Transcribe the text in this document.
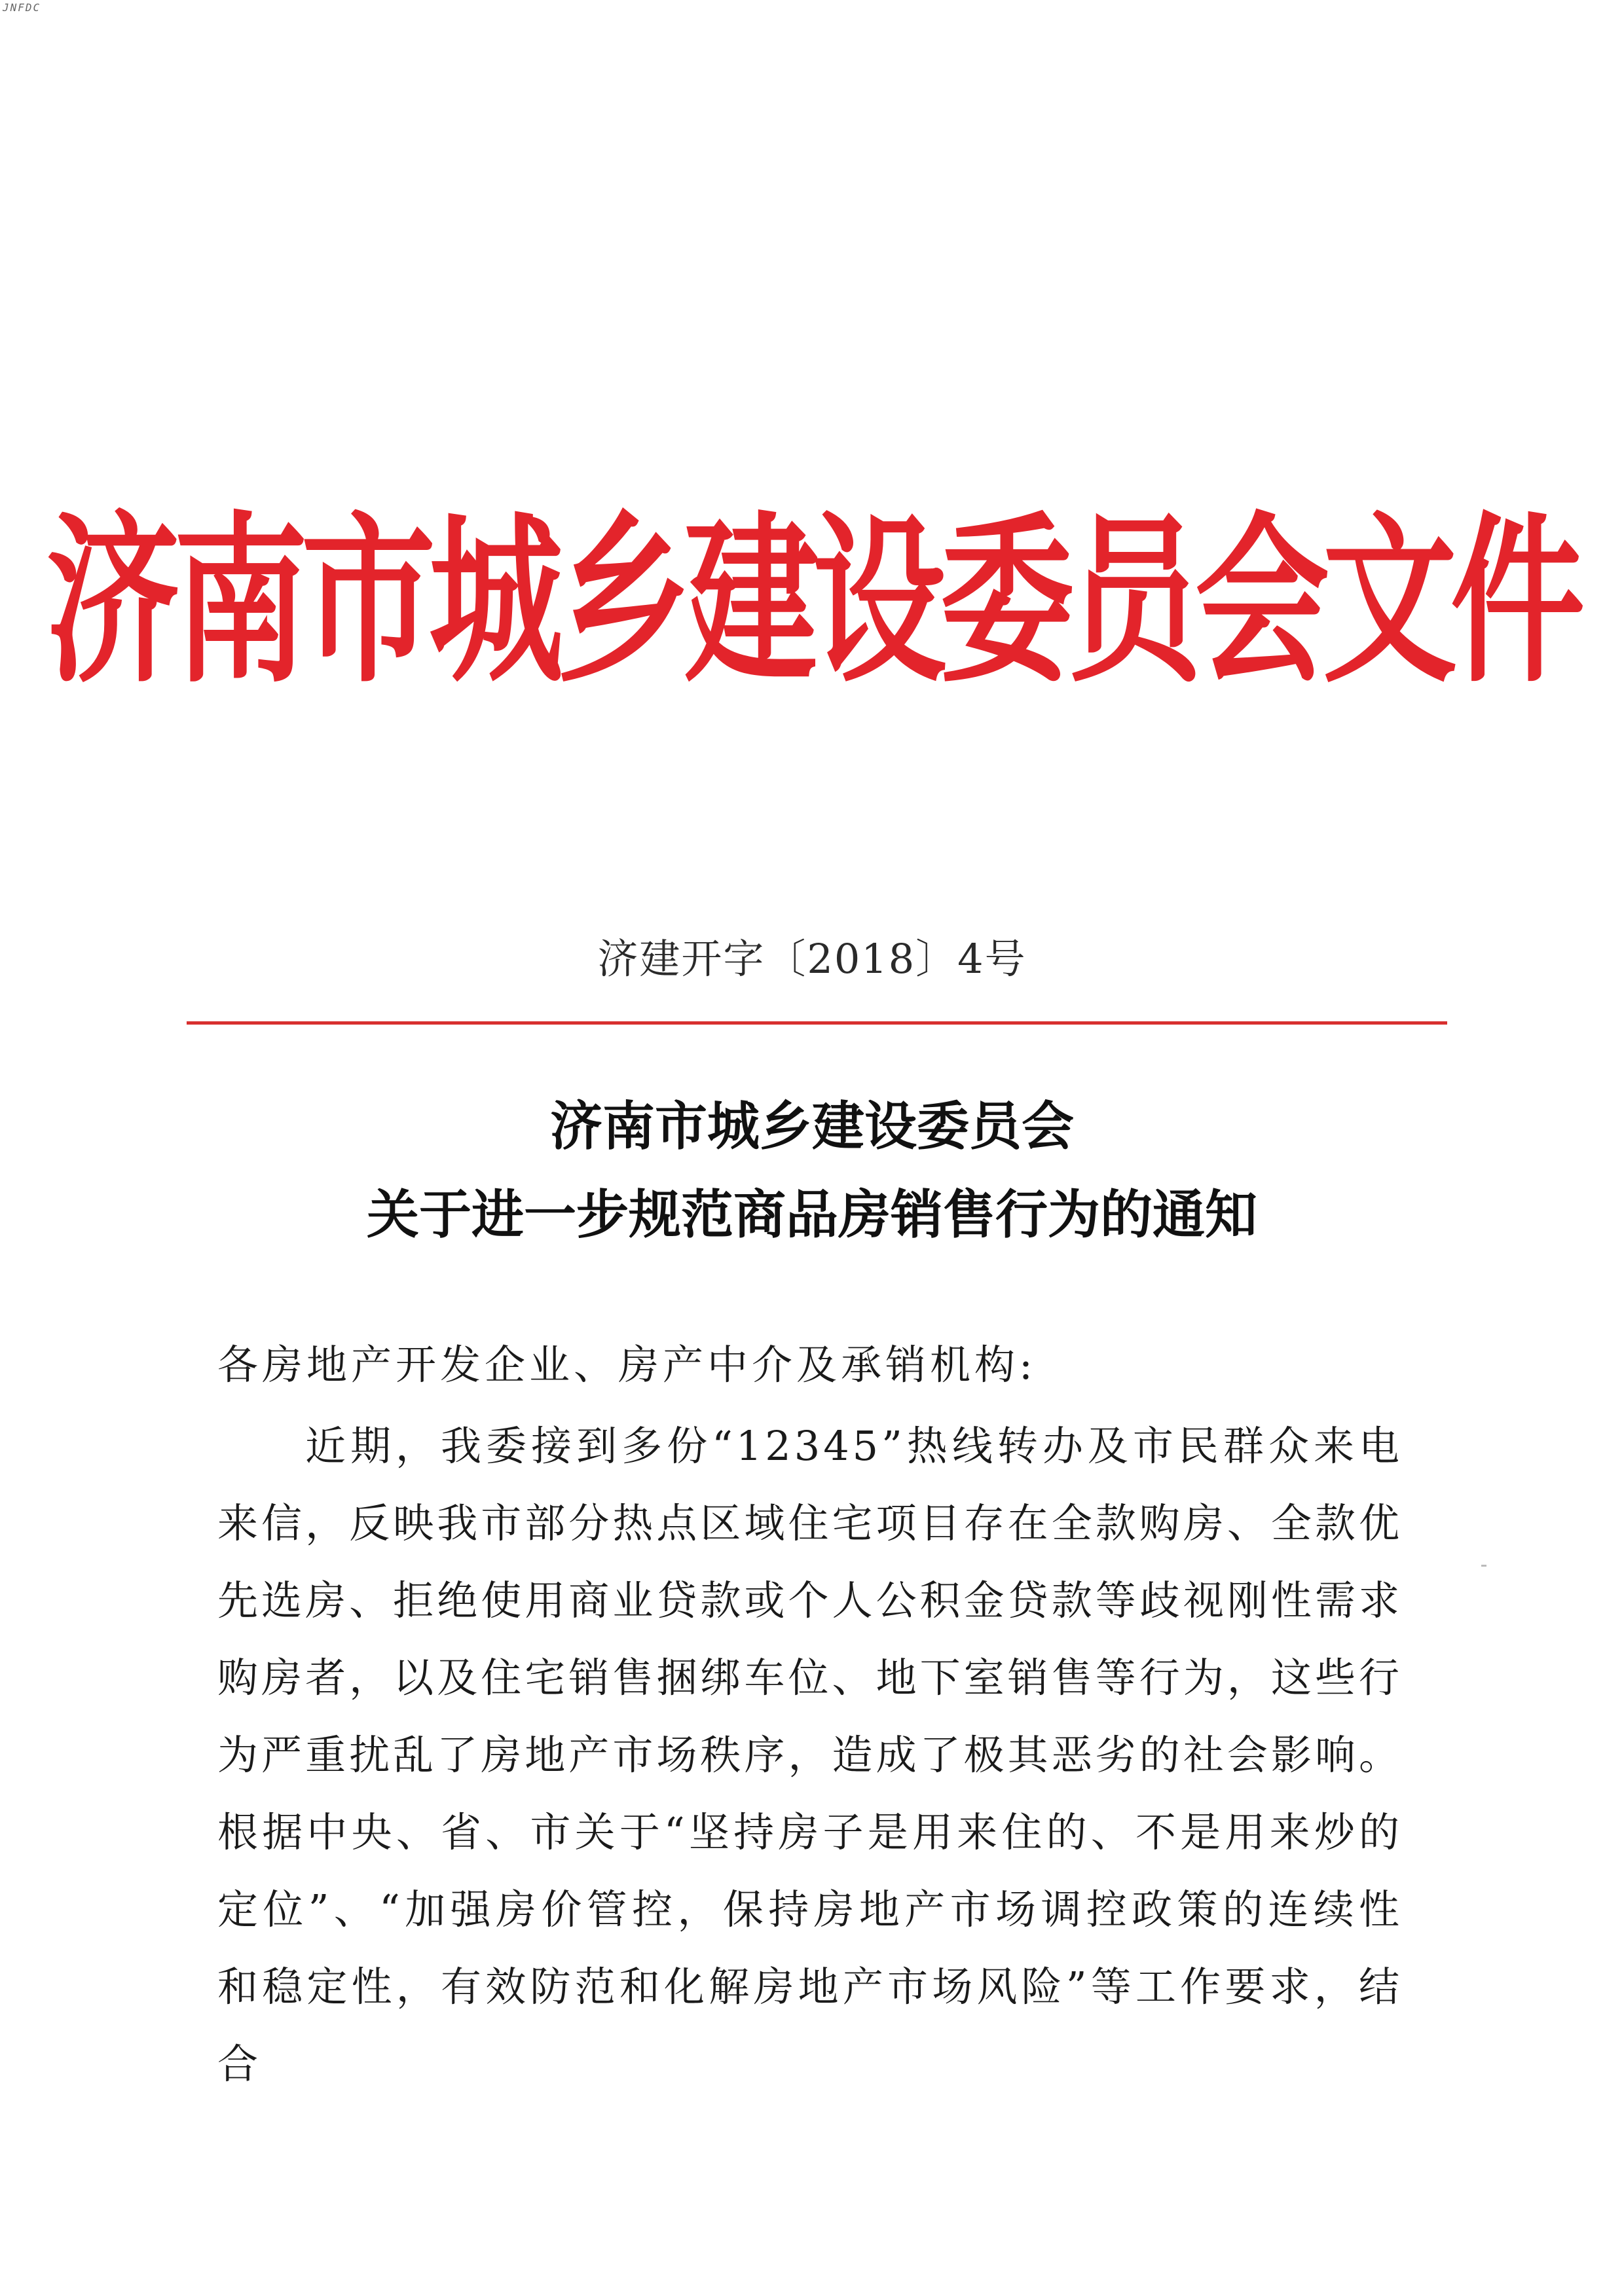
JNFDC
济南市城乡建设委员会文件
济建开字〔2018〕4号
济南市城乡建设委员会
关于进一步规范商品房销售行为的通知
各房地产开发企业、房产中介及承销机构:

近期，我委接到多份“12345”热线转办及市民群众来电来信，反映我市部分热点区域住宅项目存在全款购房、全款优先选房、拒绝使用商业贷款或个人公积金贷款等歧视刚性需求购房者，以及住宅销售捆绑车位、地下室销售等行为，这些行为严重扰乱了房地产市场秩序，造成了极其恶劣的社会影响。根据中央、省、市关于“坚持房子是用来住的、不是用来炒的定位”、“加强房价管控，保持房地产市场调控政策的连续性和稳定性，有效防范和化解房地产市场风险”等工作要求，结合
